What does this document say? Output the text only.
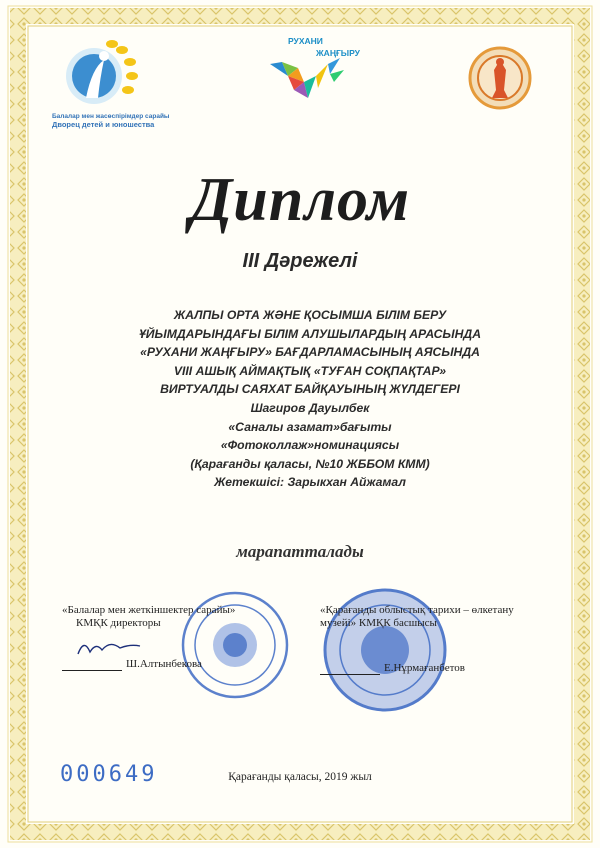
Балалар мен жасөспірімдер сарайы
Дворец детей и юношества
РУХАНИ
ЖАҢҒЫРУ
Диплом
III Дәрежелі
ЖАЛПЫ ОРТА ЖӘНЕ ҚОСЫМША БІЛІМ БЕРУ
ҰЙЫМДАРЫНДАҒЫ БІЛІМ АЛУШЫЛАРДЫҢ АРАСЫНДА
«РУХАНИ ЖАҢҒЫРУ» БАҒДАРЛАМАСЫНЫҢ АЯСЫНДА
VIII АШЫҚ АЙМАҚТЫҚ «ТУҒАН СОҚПАҚТАР»
ВИРТУАЛДЫ САЯХАТ БАЙҚАУЫНЫҢ ЖҮЛДЕГЕРІ
Шагиров Дауылбек
«Саналы азамат»бағыты
«Фотоколлаж»номинациясы
(Қарағанды қаласы, №10 ЖББОМ КММ)
Жетекшісі: Зарыкхан Айжамал
марапатталады
«Балалар мен жеткіншектер сарайы»
КМҚК директоры
Ш.Алтынбекова
«Қарағанды облыстық тарихи – өлкетану
музейі» КМҚК басшысы
Е.Нұрмағанбетов
000649	Қарағанды қаласы, 2019 жыл
